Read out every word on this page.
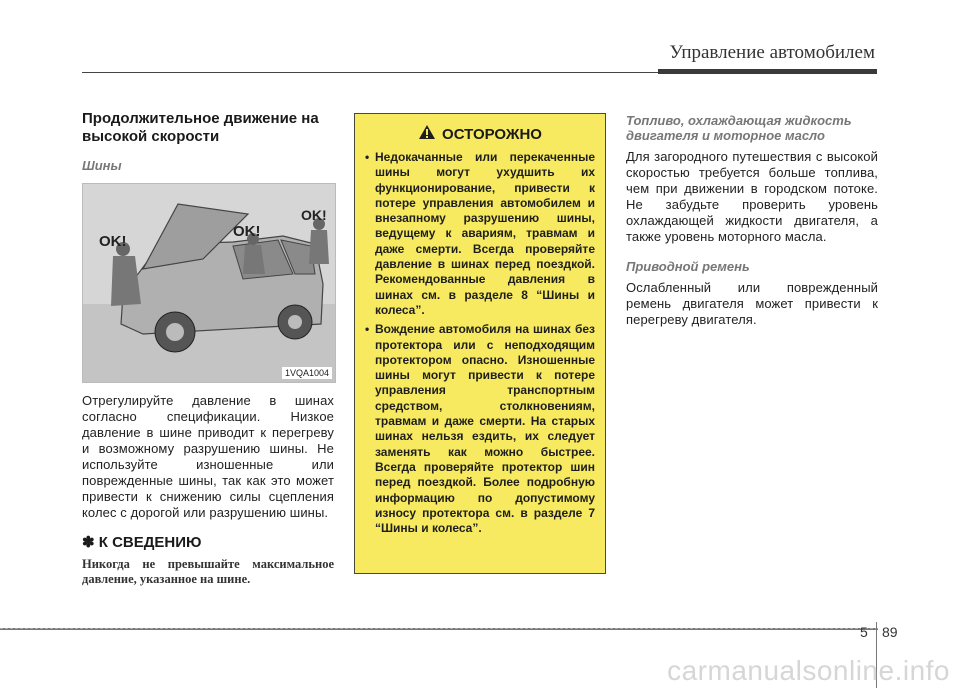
Управление автомобилем
Продолжительное движение на высокой скорости
Шины
OK!
OK!
OK!
1VQA1004

Отрегулируйте давление в шинах согласно спецификации. Низкое давление в шине приводит к перегреву и возможному разрушению шины. Не используйте изношенные или поврежденные шины, так как это может привести к снижению силы сцепления колес с дорогой или разрушению шины.

✽ К СВЕДЕНИЮ

Никогда не превышайте максимальное давление, указанное на шине.

ОСТОРОЖНО
• Недокачанные или перекаченные шины могут ухудшить их функционирование, привести к потере управления автомобилем и внезапному разрушению шины, ведущему к авариям, травмам и даже смерти. Всегда проверяйте давление в шинах перед поездкой. Рекомендованные давления в шинах см. в разделе 8 “Шины и колеса”.
• Вождение автомобиля на шинах без протектора или с неподходящим протектором опасно. Изношенные шины могут привести к потере управления транспортным средством, столкновениям, травмам и даже смерти. На старых шинах нельзя ездить, их следует заменять как можно быстрее. Всегда проверяйте протектор шин перед поездкой. Более подробную информацию по допустимому износу протектора см. в разделе 7 “Шины и колеса”.
Топливо, охлаждающая жидкость двигателя и моторное масло

Для загородного путешествия с высокой скоростью требуется больше топлива, чем при движении в городском потоке. Не забудьте проверить уровень охлаждающей жидкости двигателя, а также уровень моторного масла.

Приводной ремень

Ослабленный или поврежденный ремень двигателя может привести к перегреву двигателя.

5 89
carmanualsonline.info
